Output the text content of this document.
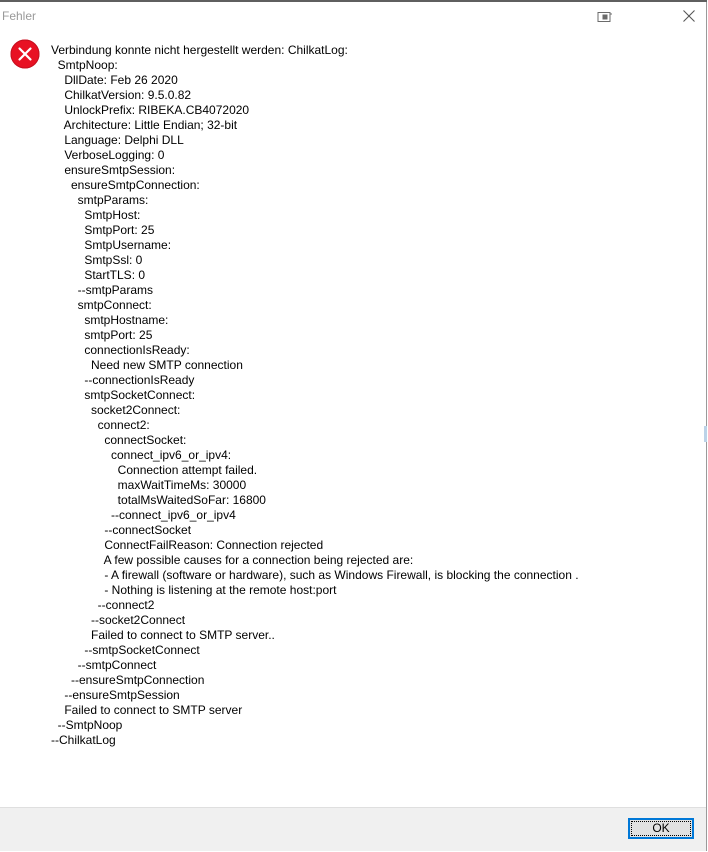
Fehler
Verbindung konnte nicht hergestellt werden: ChilkatLog:
SmtpNoop:
DllDate: Feb 26 2020
ChilkatVersion: 9.5.0.82
UnlockPrefix: RIBEKA.CB4072020
Architecture: Little Endian; 32-bit
Language: Delphi DLL
VerboseLogging: 0
ensureSmtpSession:
ensureSmtpConnection:
smtpParams:
SmtpHost:
SmtpPort: 25
SmtpUsername:
SmtpSsl: 0
StartTLS: 0
--smtpParams
smtpConnect:
smtpHostname:
smtpPort: 25
connectionIsReady:
Need new SMTP connection
--connectionIsReady
smtpSocketConnect:
socket2Connect:
connect2:
connectSocket:
connect_ipv6_or_ipv4:
Connection attempt failed.
maxWaitTimeMs: 30000
totalMsWaitedSoFar: 16800
--connect_ipv6_or_ipv4
--connectSocket
ConnectFailReason: Connection rejected
A few possible causes for a connection being rejected are:
- A firewall (software or hardware), such as Windows Firewall, is blocking the connection .
- Nothing is listening at the remote host:port
--connect2
--socket2Connect
Failed to connect to SMTP server..
--smtpSocketConnect
--smtpConnect
--ensureSmtpConnection
--ensureSmtpSession
Failed to connect to SMTP server
--SmtpNoop
--ChilkatLog
OK
